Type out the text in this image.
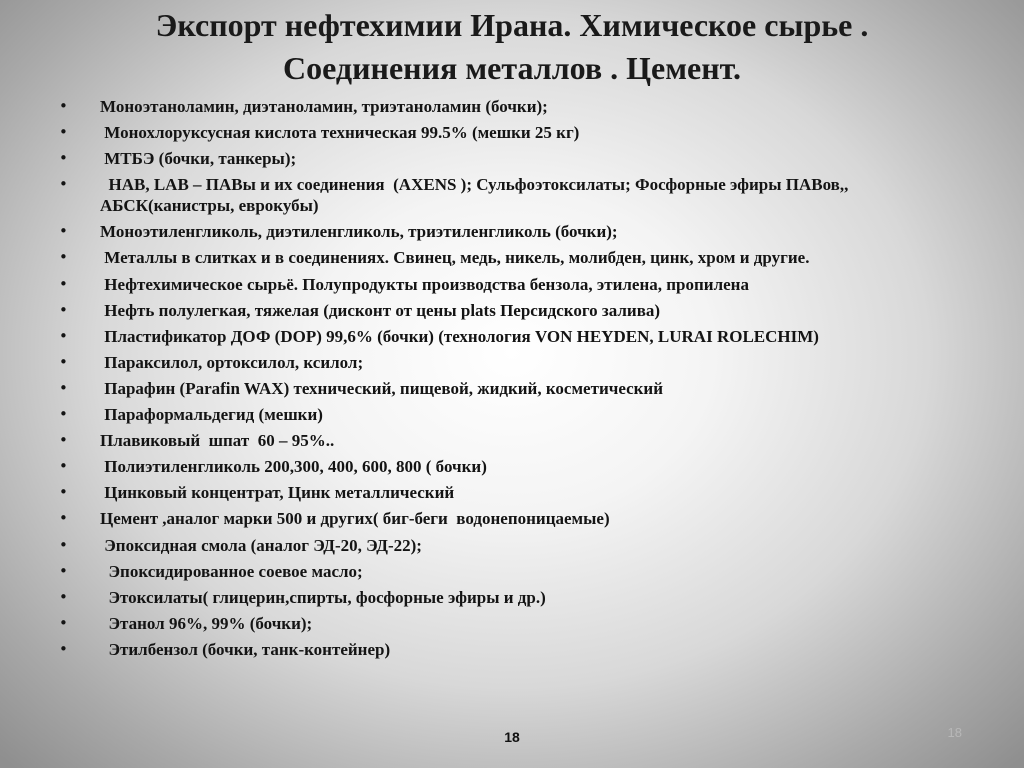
Экспорт нефтехимии Ирана. Химическое сырье .
Соединения металлов . Цемент.
•	Моноэтаноламин, диэтаноламин, триэтаноламин (бочки);
•	Монохлоруксусная кислота техническая 99.5% (мешки 25 кг)
•	МТБЭ (бочки, танкеры);
•	НАВ, LAB – ПАВы и их соединения  (AXENS ); Сульфоэтоксилаты; Фосфорные эфиры ПАВов,, АБСК(канистры, еврокубы)
•	Моноэтиленгликоль, диэтиленгликоль, триэтиленгликоль (бочки);
•	Металлы в слитках и в соединениях. Свинец, медь, никель, молибден, цинк, хром и другие.
•	Нефтехимическое сырьё. Полупродукты производства бензола, этилена, пропилена
•	Нефть полулегкая, тяжелая (дисконт от цены plats Персидского залива)
•	Пластификатор ДОФ (DOP) 99,6% (бочки) (технология VON HEYDEN, LURAI ROLECHIM)
•	Параксилол, ортоксилол, ксилол;
•	Парафин (Parafin WAX) технический, пищевой, жидкий, косметический
•	Параформальдегид (мешки)
•	Плавиковый  шпат  60 – 95%..
•	Полиэтиленгликоль 200,300, 400, 600, 800 ( бочки)
•	Цинковый концентрат, Цинк металлический
•	Цемент ,аналог марки 500 и других( биг-беги  водонепоницаемые)
•	Эпоксидная смола (аналог ЭД-20, ЭД-22);
•	Эпоксидированное соевое масло;
•	Этоксилаты( глицерин,спирты, фосфорные эфиры и др.)
•	Этанол 96%, 99% (бочки);
•	Этилбензол (бочки, танк-контейнер)
18	18
